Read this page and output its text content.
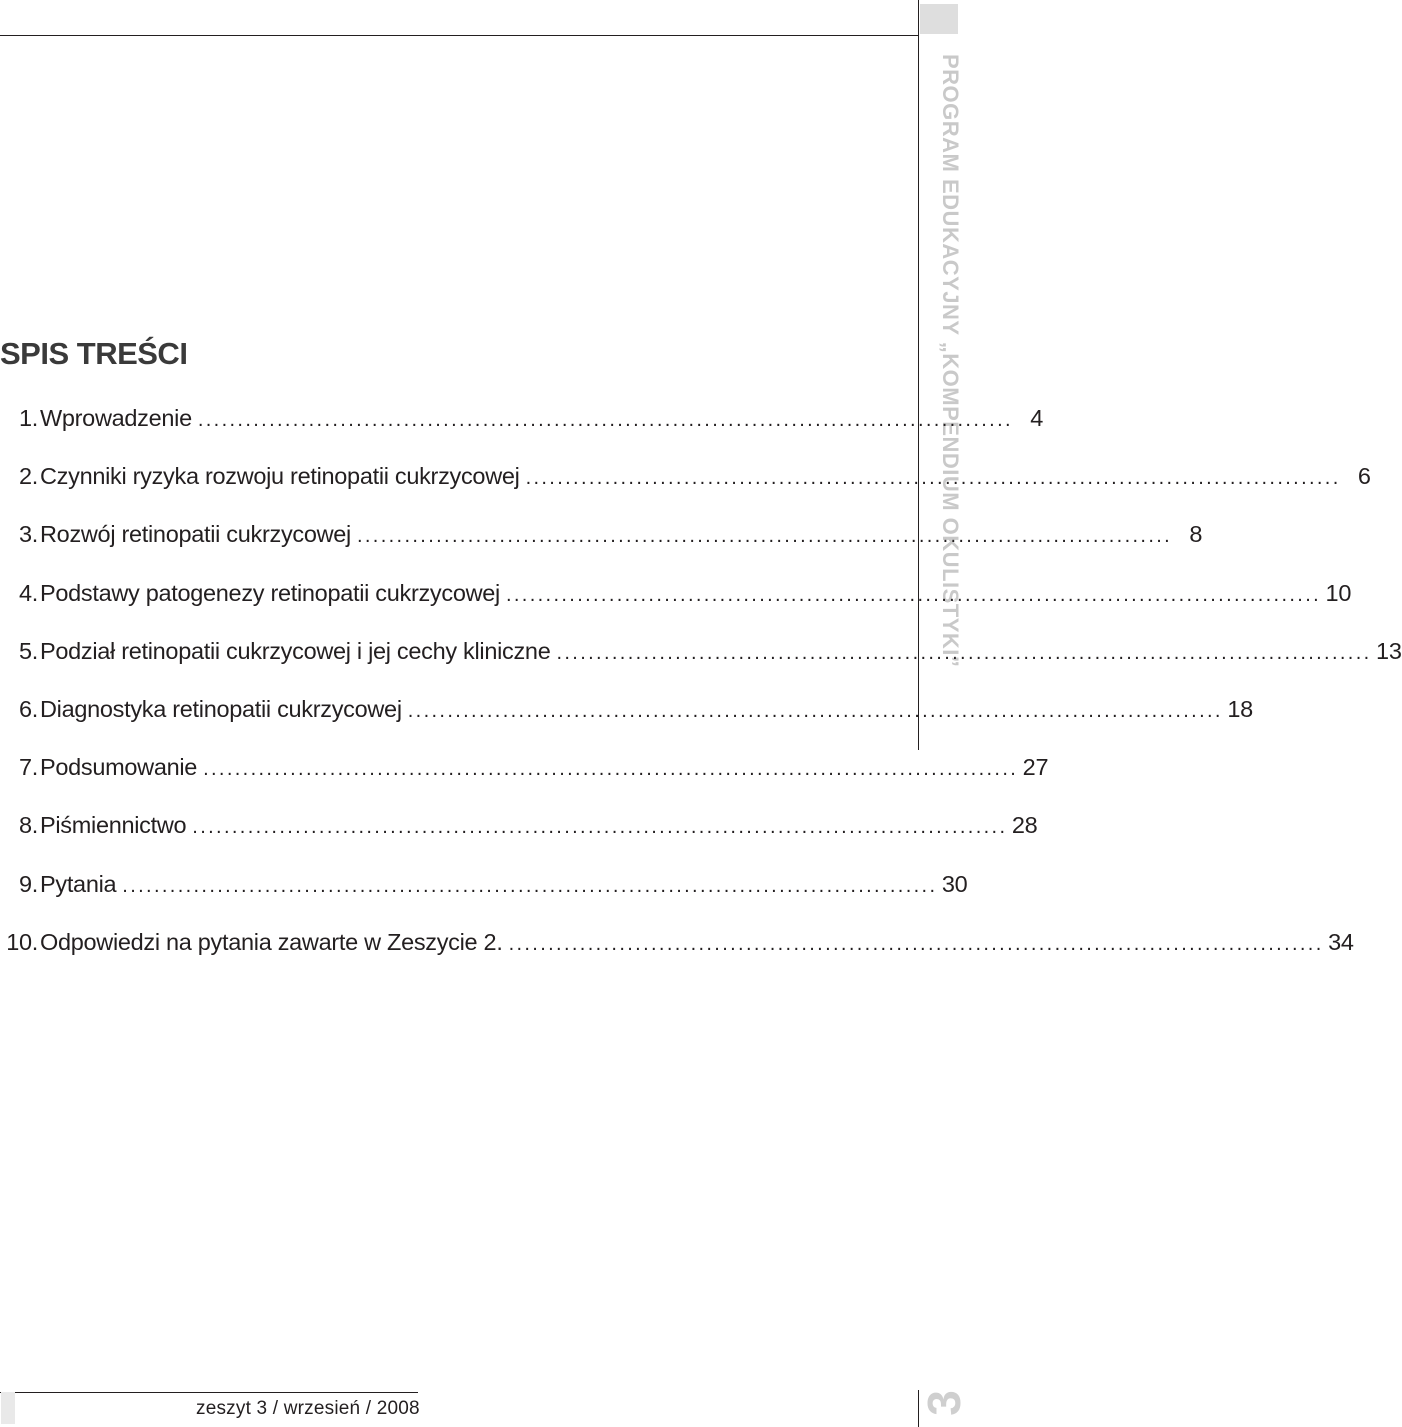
PROGRAM EDUKACYJNY „KOMPENDIUM OKULISTYKI”
SPIS TREŚCI
1. Wprowadzenie . . .	4
2. Czynniki ryzyka rozwoju retinopatii cukrzycowej . . .	6
3. Rozwój retinopatii cukrzycowej . . .	8
4. Podstawy patogenezy retinopatii cukrzycowej . . .	10
5. Podział retinopatii cukrzycowej i jej cechy kliniczne . . .	13
6. Diagnostyka retinopatii cukrzycowej . . .	18
7. Podsumowanie . . .	27
8. Piśmiennictwo . . .	28
9. Pytania . . .	30
10. Odpowiedzi na pytania zawarte w Zeszycie 2. . . .	34
zeszyt 3 / wrzesień / 2008	3
